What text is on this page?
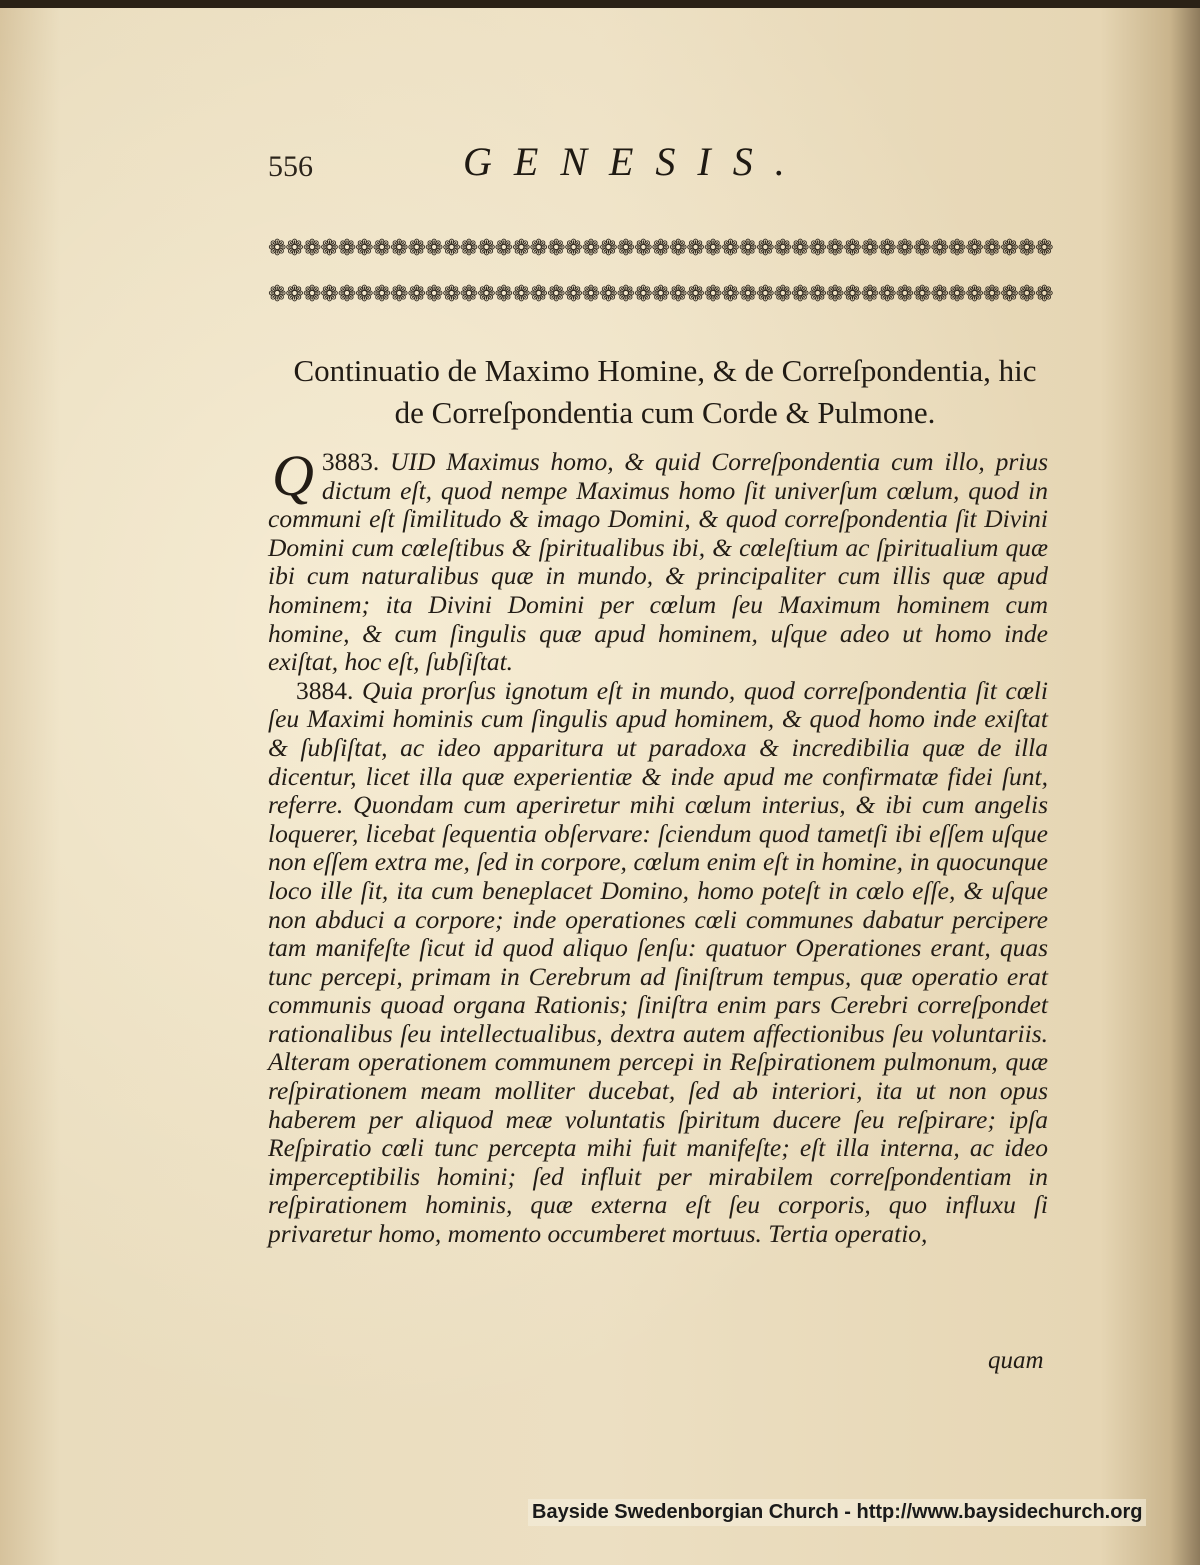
556	GENESIS.
❁❁❁❁❁❁❁❁❁❁❁❁❁❁❁❁❁❁❁❁❁❁❁❁❁❁❁❁❁❁❁❁❁❁❁❁❁❁❁❁❁❁❁❁❁
❁❁❁❁❁❁❁❁❁❁❁❁❁❁❁❁❁❁❁❁❁❁❁❁❁❁❁❁❁❁❁❁❁❁❁❁❁❁❁❁❁❁❁❁❁
Continuatio de Maximo Homine, & de Correſpondentia, hic de Correſpondentia cum Corde & Pulmone.

3883.
Q	UID Maximus homo, & quid Correſpondentia cum illo, prius dictum eſt, quod nempe Maximus homo ſit univerſum cœlum, quod in communi eſt ſimilitudo & imago Domini, & quod correſpondentia ſit Divini Domini cum cœleſtibus & ſpiritualibus ibi, & cœleſtium ac ſpiritualium quæ ibi cum naturalibus quæ in mundo, & principaliter cum illis quæ apud hominem; ita Divini Domini per cœlum ſeu Maximum hominem cum homine, & cum ſingulis quæ apud hominem, uſque adeo ut homo inde exiſtat, hoc eſt, ſubſiſtat.

3884. Quia prorſus ignotum eſt in mundo, quod correſpondentia ſit cœli ſeu Maximi hominis cum ſingulis apud hominem, & quod homo inde exiſtat & ſubſiſtat, ac ideo apparitura ut paradoxa & incredibilia quæ de illa dicentur, licet illa quæ experientiæ & inde apud me confirmatæ fidei ſunt, referre. Quondam cum aperiretur mihi cœlum interius, & ibi cum angelis loquerer, licebat ſequentia obſervare: ſciendum quod tametſi ibi eſſem uſque non eſſem extra me, ſed in corpore, cœlum enim eſt in homine, in quocunque loco ille ſit, ita cum beneplacet Domino, homo poteſt in cœlo eſſe, & uſque non abduci a corpore; inde operationes cœli communes dabatur percipere tam manifeſte ſicut id quod aliquo ſenſu: quatuor Operationes erant, quas tunc percepi, primam in Cerebrum ad ſiniſtrum tempus, quæ operatio erat communis quoad organa Rationis; ſiniſtra enim pars Cerebri correſpondet rationalibus ſeu intellectualibus, dextra autem affectionibus ſeu voluntariis. Alteram operationem communem percepi in Reſpirationem pulmonum, quæ reſpirationem meam molliter ducebat, ſed ab interiori, ita ut non opus haberem per aliquod meæ voluntatis ſpiritum ducere ſeu reſpirare; ipſa Reſpiratio cœli tunc percepta mihi fuit manifeſte; eſt illa interna, ac ideo imperceptibilis homini; ſed influit per mirabilem correſpondentiam in reſpirationem hominis, quæ externa eſt ſeu corporis, quo influxu ſi privaretur homo, momento occumberet mortuus. Tertia operatio,

quam
Bayside Swedenborgian Church - http://www.baysidechurch.org
